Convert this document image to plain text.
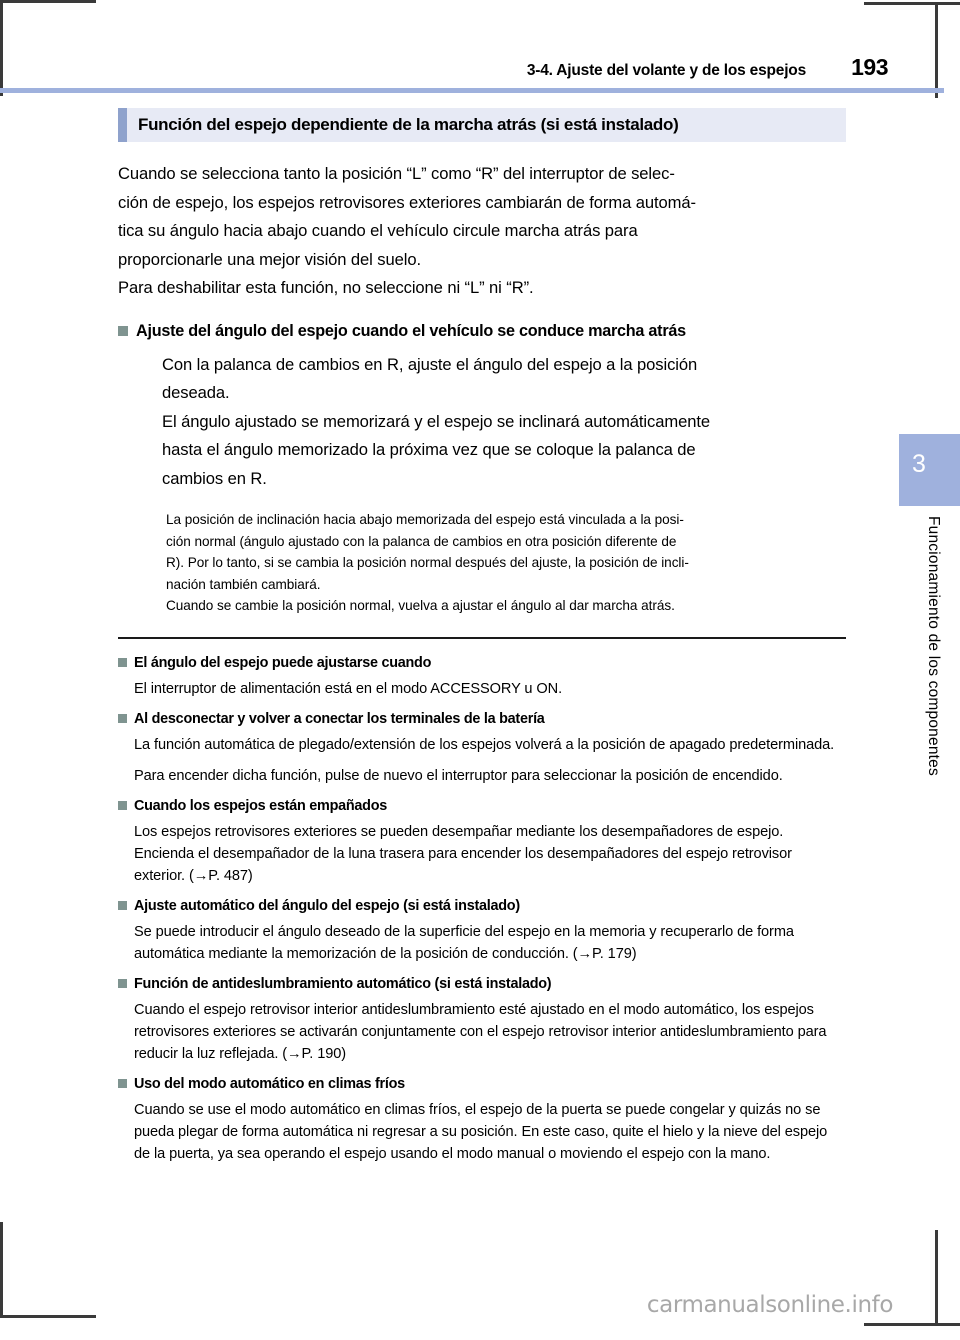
3-4. Ajuste del volante y de los espejos	193
3
Funcionamiento de los componentes
Función del espejo dependiente de la marcha atrás (si está instalado)
Cuando se selecciona tanto la posición “L” como “R” del interruptor de selec-
ción de espejo, los espejos retrovisores exteriores cambiarán de forma automá-
tica su ángulo hacia abajo cuando el vehículo circule marcha atrás para
proporcionarle una mejor visión del suelo.
Para deshabilitar esta función, no seleccione ni “L” ni “R”.
Ajuste del ángulo del espejo cuando el vehículo se conduce marcha atrás
Con la palanca de cambios en R, ajuste el ángulo del espejo a la posición
deseada.
El ángulo ajustado se memorizará y el espejo se inclinará automáticamente
hasta el ángulo memorizado la próxima vez que se coloque la palanca de
cambios en R.
La posición de inclinación hacia abajo memorizada del espejo está vinculada a la posi-
ción normal (ángulo ajustado con la palanca de cambios en otra posición diferente de
R). Por lo tanto, si se cambia la posición normal después del ajuste, la posición de incli-
nación también cambiará.
Cuando se cambie la posición normal, vuelva a ajustar el ángulo al dar marcha atrás.
El ángulo del espejo puede ajustarse cuando

El interruptor de alimentación está en el modo ACCESSORY u ON.

Al desconectar y volver a conectar los terminales de la batería

La función automática de plegado/extensión de los espejos volverá a la posición de apagado predeterminada.

Para encender dicha función, pulse de nuevo el interruptor para seleccionar la posición de encendido.

Cuando los espejos están empañados

Los espejos retrovisores exteriores se pueden desempañar mediante los desempañadores de espejo. Encienda el desempañador de la luna trasera para encender los desempañadores del espejo retrovisor exterior. (→P. 487)

Ajuste automático del ángulo del espejo (si está instalado)

Se puede introducir el ángulo deseado de la superficie del espejo en la memoria y recuperarlo de forma automática mediante la memorización de la posición de conducción. (→P. 179)

Función de antideslumbramiento automático (si está instalado)

Cuando el espejo retrovisor interior antideslumbramiento esté ajustado en el modo automático, los espejos retrovisores exteriores se activarán conjuntamente con el espejo retrovisor interior antideslumbramiento para reducir la luz reflejada. (→P. 190)

Uso del modo automático en climas fríos

Cuando se use el modo automático en climas fríos, el espejo de la puerta se puede congelar y quizás no se pueda plegar de forma automática ni regresar a su posición. En este caso, quite el hielo y la nieve del espejo de la puerta, ya sea operando el espejo usando el modo manual o moviendo el espejo con la mano.

carmanualsonline.info
